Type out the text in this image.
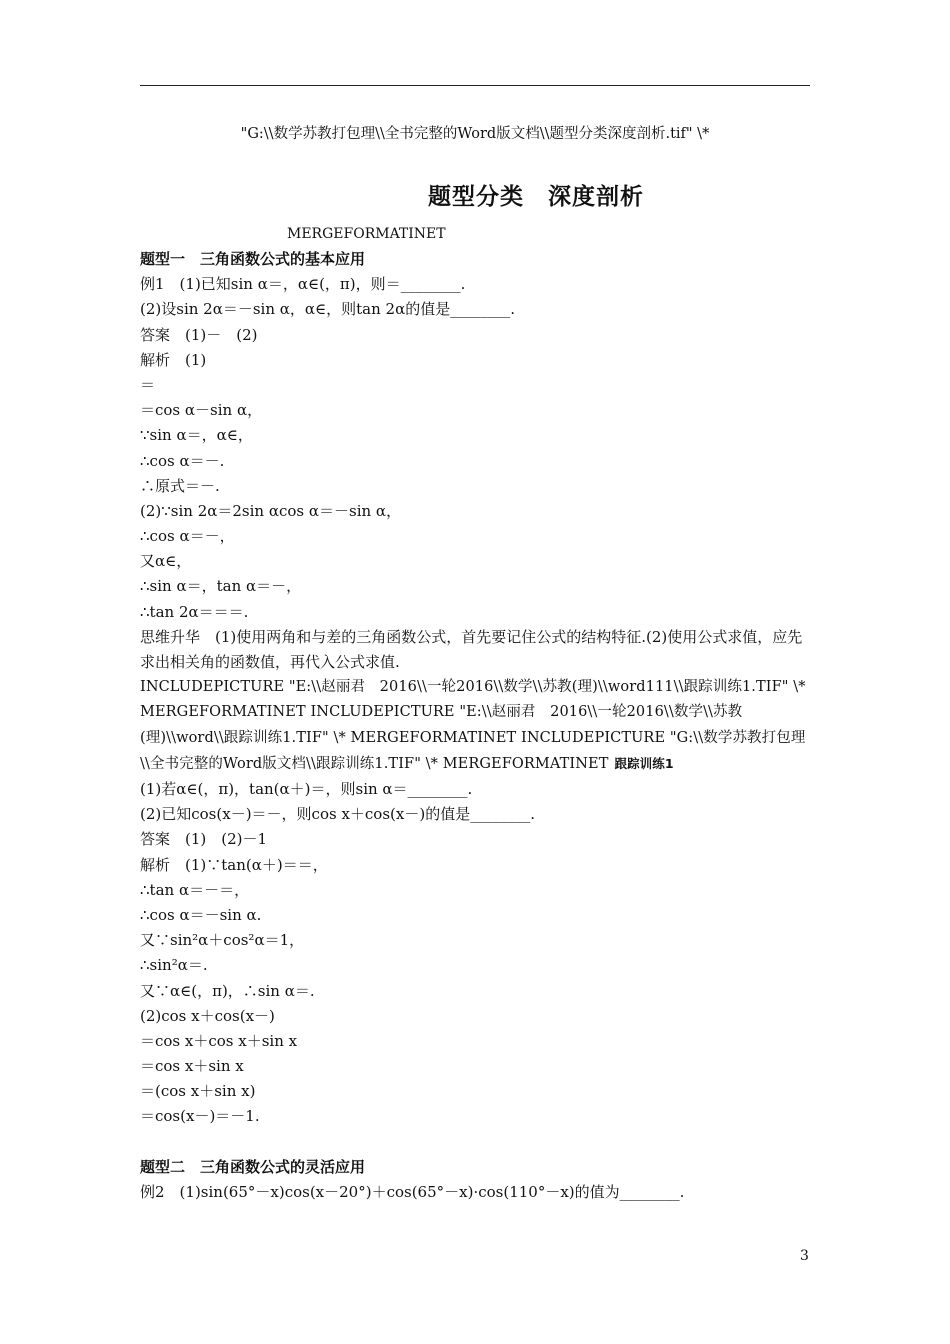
"G:\\数学苏教打包理\\全书完整的Word版文档\\题型分类深度剖析.tif" \*
题型分类　深度剖析
MERGEFORMATINET
题型一　三角函数公式的基本应用
例1　(1)已知sin α＝，α∈(，π)，则＝________.
(2)设sin 2α＝－sin α，α∈，则tan 2α的值是________.
答案　(1)－　(2)
解析　(1)
＝
＝cos α－sin α，
∵sin α＝，α∈，
∴cos α＝－.
∴原式＝－.
(2)∵sin 2α＝2sin αcos α＝－sin α，
∴cos α＝－，
又α∈，
∴sin α＝，tan α＝－，
∴tan 2α＝＝＝.
思维升华　(1)使用两角和与差的三角函数公式，首先要记住公式的结构特征.(2)使用公式求值，应先求出相关角的函数值，再代入公式求值.
INCLUDEPICTURE "E:\\赵丽君　2016\\一轮2016\\数学\\苏教(理)\\word111\\跟踪训练1.TIF" \* MERGEFORMATINET INCLUDEPICTURE "E:\\赵丽君　2016\\一轮2016\\数学\\苏教(理)\\word\\跟踪训练1.TIF" \* MERGEFORMATINET INCLUDEPICTURE "G:\\数学苏教打包理\\全书完整的Word版文档\\跟踪训练1.TIF" \* MERGEFORMATINET 跟踪训练1
(1)若α∈(，π)，tan(α＋)＝，则sin α＝________.
(2)已知cos(x－)＝－，则cos x＋cos(x－)的值是________.
答案　(1)　(2)－1
解析　(1)∵tan(α＋)＝＝，
∴tan α＝－＝，
∴cos α＝－sin α.
又∵sin²α＋cos²α＝1，
∴sin²α＝.
又∵α∈(，π)，∴sin α＝.
(2)cos x＋cos(x－)
＝cos x＋cos x＋sin x
＝cos x＋sin x
＝(cos x＋sin x)
＝cos(x－)＝－1.
题型二　三角函数公式的灵活应用
例2　(1)sin(65°－x)cos(x－20°)＋cos(65°－x)·cos(110°－x)的值为________.
3
